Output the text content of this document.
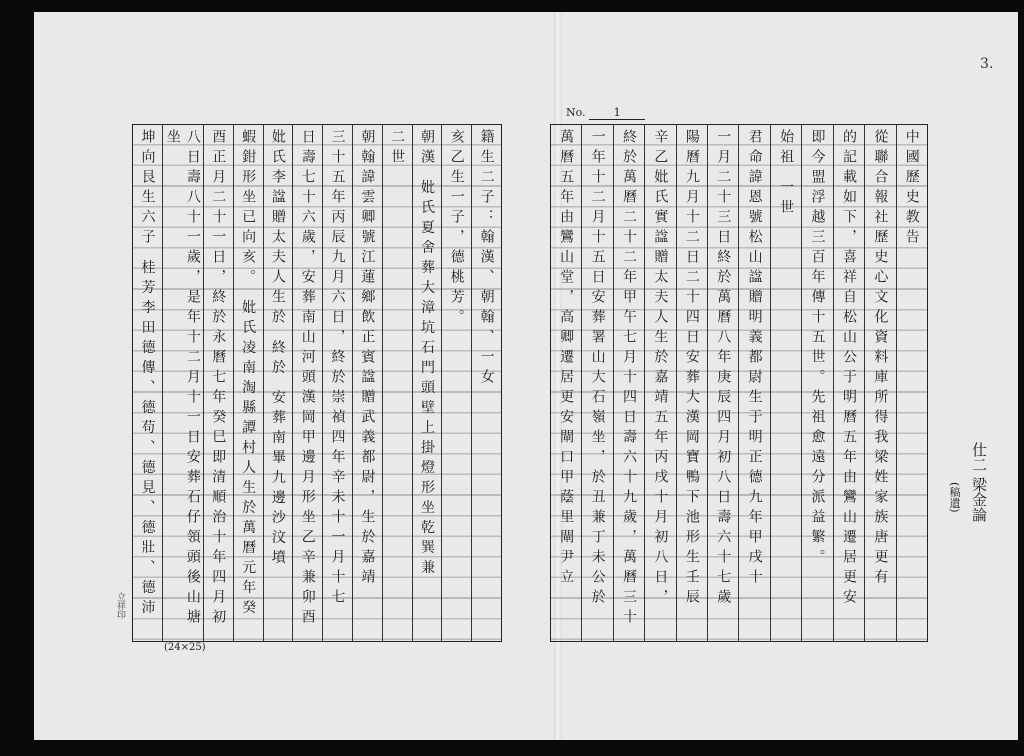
3.
No.	1
中國歷史教告
從聯合報社歷史心文化資料庫所得我梁姓家族唐更有
的記載如下，喜祥自松山公于明曆五年由鸞山遷居更安
即今盟浮越三百年傳十五世。先祖愈遠分派益繁。
始祖 一世
君命諱恩號松山諡贈明義都尉生于明正德九年甲戌十
一月二十三日終於萬曆八年庚辰四月初八日壽六十七歲
陽曆九月十二日二十四日安葬大漢岡寶鴨下池形生壬辰
辛乙妣氏實諡贈太夫人生於嘉靖五年丙戌十月初八日，
終於萬曆二十二年甲午七月十四日壽六十九歲，萬曆三十
一年十二月十五日安葬署山大石嶺坐，於丑兼丁未公於
萬曆五年由鸞山堂，高卿遷居更安閘口甲蔭里閘尹立
籍生二子：翰漢、朝翰、一女
亥乙生一子，德桃芳。
朝漢 妣氏夏舍葬大漳坑石門頭壁上掛燈形坐乾巽兼
二世
朝翰諱雲卿號江蓮鄉飲正賓諡贈武義都尉，生於嘉靖
三十五年丙辰九月六日，終於崇禎四年辛未十一月十七
日壽七十六歲，安葬南山河頭漢岡甲邊月形坐乙辛兼卯酉
妣氏李諡贈太夫人生於 終於 安葬南畢九邊沙汶墳
蝦鉗形坐已向亥。 妣氏凌南淘縣譚村人生於萬曆元年癸
酉正月二十一日，終於永曆七年癸巳即清順治十年四月初
八日壽八十一歲，是年十二月十一日安葬石仔領頭後山塘坐
坤向艮生六子 桂芳李田德傳、德苟、德見、德壯、德沛
立祥印
(24×25)
仕二 梁金論
(稿遺)
